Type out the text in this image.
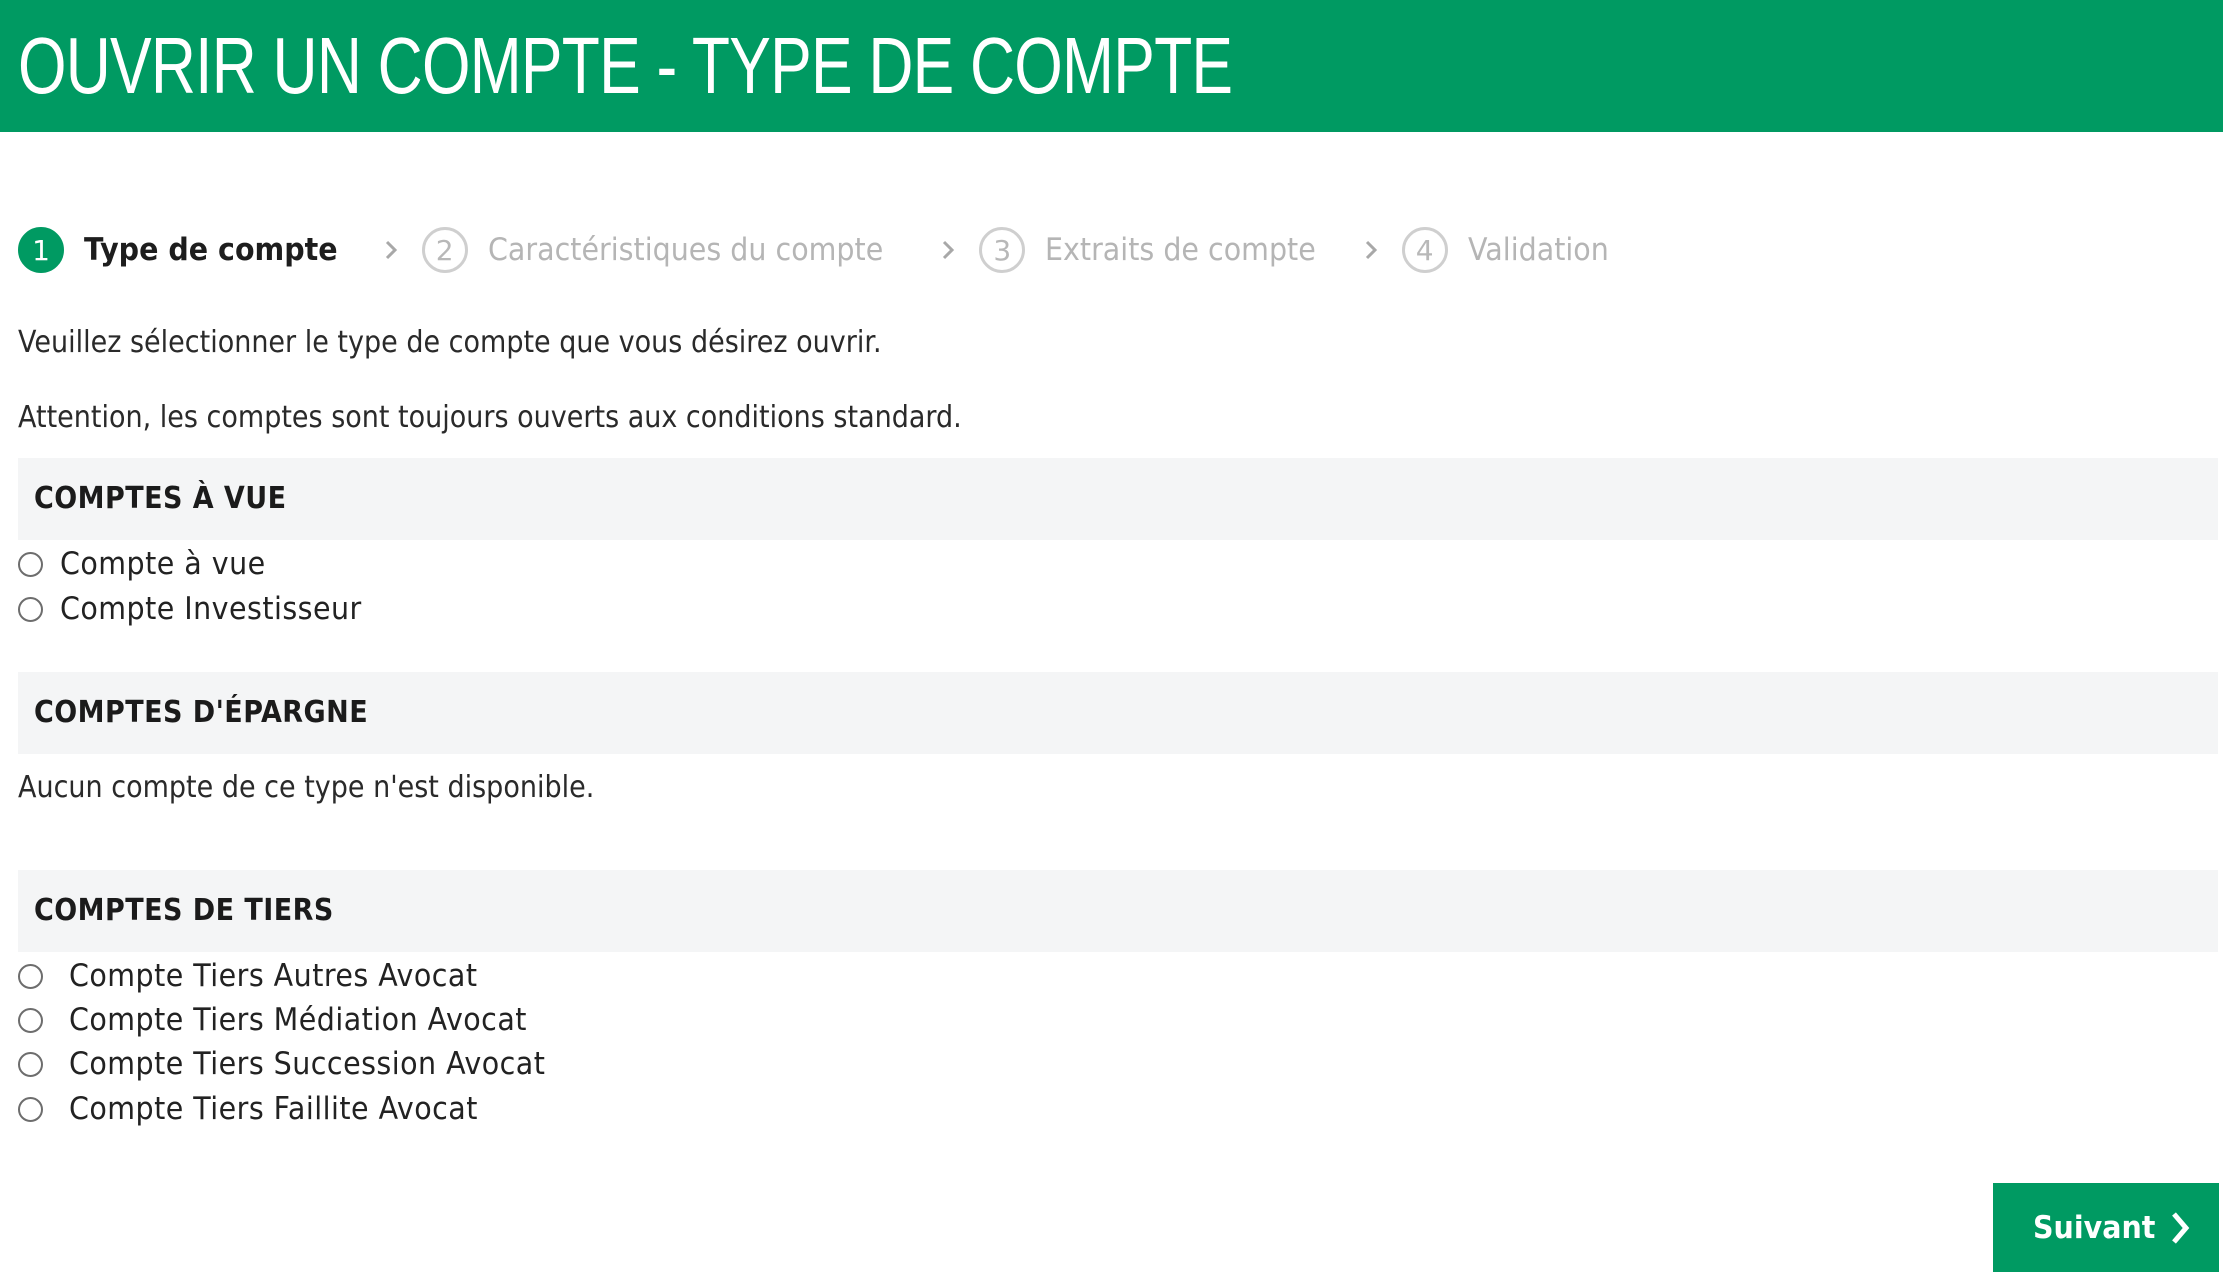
OUVRIR UN COMPTE - TYPE DE COMPTE
1	Type de compte	2	Caractéristiques du compte	3	Extraits de compte	4	Validation

Veuillez sélectionner le type de compte que vous désirez ouvrir.

Attention, les comptes sont toujours ouverts aux conditions standard.

COMPTES À VUE
Compte à vue
Compte Investisseur
COMPTES D'ÉPARGNE

Aucun compte de ce type n'est disponible.

COMPTES DE TIERS
Compte Tiers Autres Avocat
Compte Tiers Médiation Avocat
Compte Tiers Succession Avocat
Compte Tiers Faillite Avocat
Suivant
